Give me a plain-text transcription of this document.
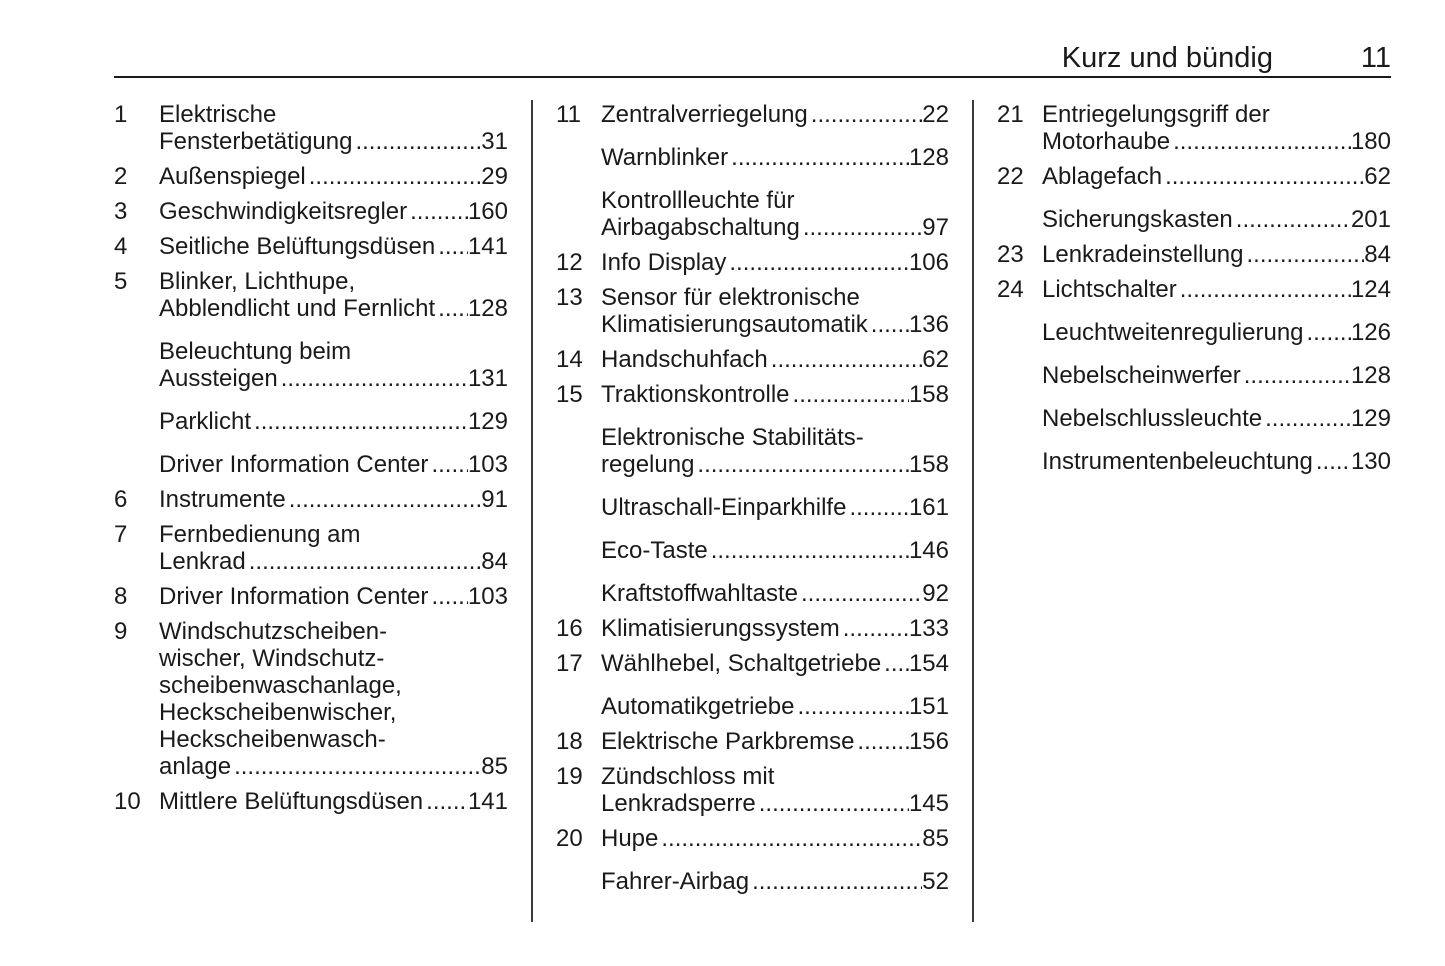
Kurz und bündig	11
1	Elektrische
Fensterbetätigung .....	31
2	Außenspiegel .....	29
3	Geschwindigkeitsregler .....	160
4	Seitliche Belüftungsdüsen ..... 141
5	Blinker, Lichthupe,
Abblendlicht und Fernlicht ..... 128
Beleuchtung beim
Aussteigen .....	131
Parklicht .....	129
Driver Information Center ..... 103
6	Instrumente .....	91
7	Fernbedienung am
Lenkrad .....	84
8	Driver Information Center ..... 103
9	Windschutzscheiben-
wischer, Windschutz-
scheibenwaschanlage,
Heckscheibenwischer,
Heckscheibenwasch-
anlage .....	85
10 Mittlere Belüftungsdüsen ..... 141
11 Zentralverriegelung .....	22
Warnblinker .....	128
Kontrollleuchte für
Airbagabschaltung .....	97
12 Info Display .....	106
13 Sensor für elektronische
Klimatisierungsautomatik ..... 136
14 Handschuhfach .....	62
15 Traktionskontrolle .....	158
Elektronische Stabilitäts-
regelung .....	158
Ultraschall-Einparkhilfe .....	161
Eco-Taste .....	146
Kraftstoffwahltaste .....	92
16 Klimatisierungssystem .....	133
17 Wählhebel, Schaltgetriebe ..... 154
Automatikgetriebe .....	151
18 Elektrische Parkbremse ..... 156
19 Zündschloss mit
Lenkradsperre .....	145
20 Hupe .....	85
Fahrer-Airbag .....	52
21 Entriegelungsgriff der
Motorhaube .....	180
22 Ablagefach .....	62
Sicherungskasten .....	201
23 Lenkradeinstellung .....	84
24 Lichtschalter .....	124
Leuchtweitenregulierung ..... 126
Nebelscheinwerfer .....	128
Nebelschlussleuchte .....	129
Instrumentenbeleuchtung ..... 130
